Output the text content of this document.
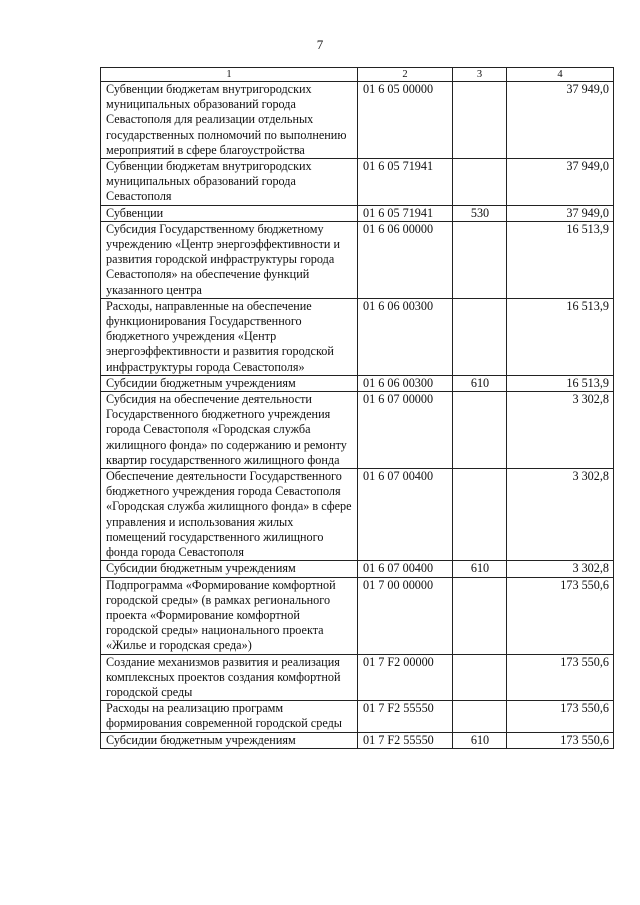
7
1	2	3	4
Субвенции бюджетам внутригородских муниципальных образований города Севастополя для реализации отдельных государственных полномочий по выполнению мероприятий в сфере благоустройства	01 6 05 00000		37 949,0
Субвенции бюджетам внутригородских муниципальных образований города Севастополя	01 6 05 71941		37 949,0
Субвенции	01 6 05 71941	530	37 949,0
Субсидия Государственному бюджетному учреждению «Центр энергоэффективности и развития городской инфраструктуры города Севастополя» на обеспечение функций указанного центра	01 6 06 00000		16 513,9
Расходы, направленные на обеспечение функционирования Государственного бюджетного учреждения «Центр энергоэффективности и развития городской инфраструктуры города Севастополя»	01 6 06 00300		16 513,9
Субсидии бюджетным учреждениям	01 6 06 00300	610	16 513,9
Субсидия на обеспечение деятельности Государственного бюджетного учреждения города Севастополя «Городская служба жилищного фонда» по содержанию и ремонту квартир государственного жилищного фонда	01 6 07 00000		3 302,8
Обеспечение деятельности Государственного бюджетного учреждения города Севастополя «Городская служба жилищного фонда» в сфере управления и использования жилых помещений государственного жилищного фонда города Севастополя	01 6 07 00400		3 302,8
Субсидии бюджетным учреждениям	01 6 07 00400	610	3 302,8
Подпрограмма «Формирование комфортной городской среды» (в рамках регионального проекта «Формирование комфортной городской среды» национального проекта «Жилье и городская среда»)	01 7 00 00000		173 550,6
Создание механизмов развития и реализация комплексных проектов создания комфортной городской среды	01 7 F2 00000		173 550,6
Расходы на реализацию программ формирования современной городской среды	01 7 F2 55550		173 550,6
Субсидии бюджетным учреждениям	01 7 F2 55550	610	173 550,6
